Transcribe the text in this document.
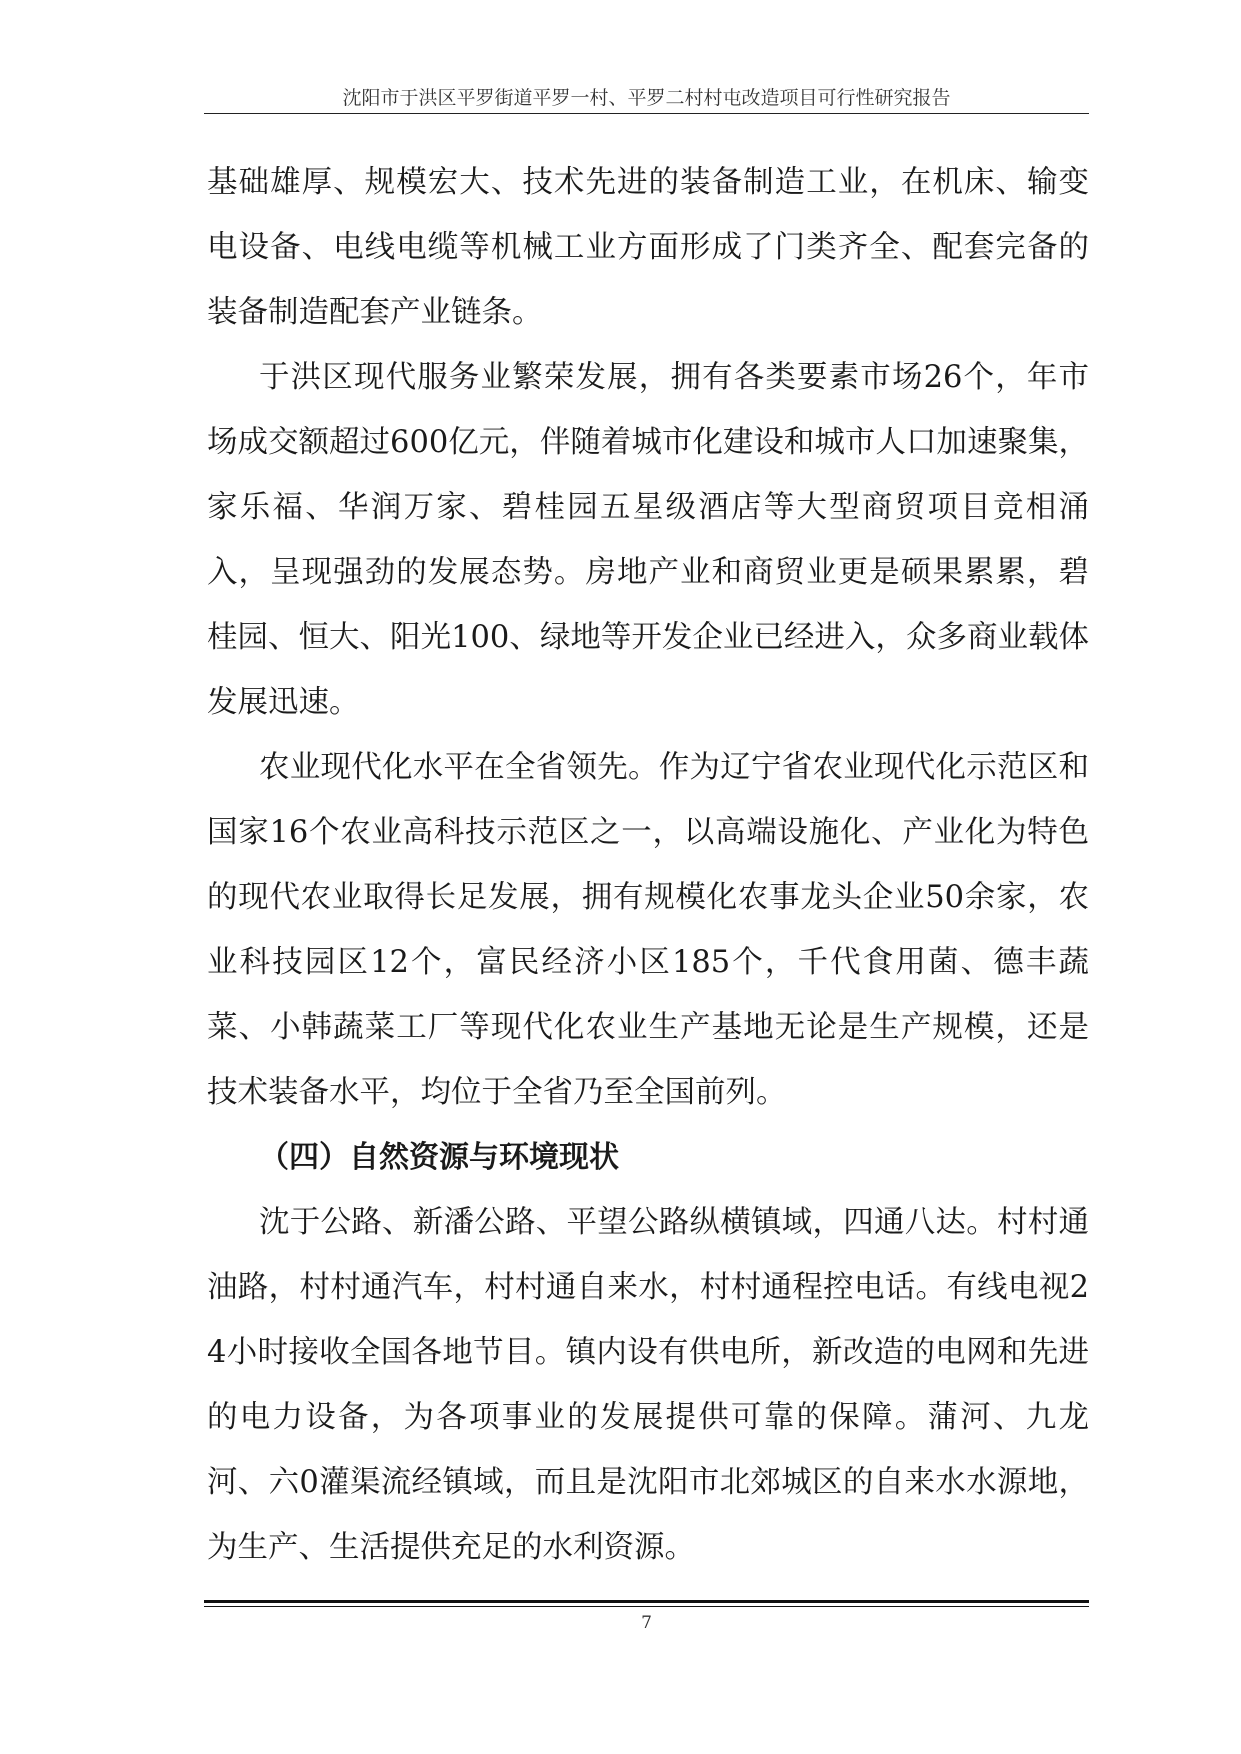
沈阳市于洪区平罗街道平罗一村、平罗二村村屯改造项目可行性研究报告

基础雄厚、规模宏大、技术先进的装备制造工业，在机床、输变电设备、电线电缆等机械工业方面形成了门类齐全、配套完备的装备制造配套产业链条。

于洪区现代服务业繁荣发展，拥有各类要素市场26个，年市场成交额超过600亿元，伴随着城市化建设和城市人口加速聚集，家乐福、华润万家、碧桂园五星级酒店等大型商贸项目竞相涌入，呈现强劲的发展态势。房地产业和商贸业更是硕果累累，碧桂园、恒大、阳光100、绿地等开发企业已经进入，众多商业载体发展迅速。

农业现代化水平在全省领先。作为辽宁省农业现代化示范区和国家16个农业高科技示范区之一，以高端设施化、产业化为特色的现代农业取得长足发展，拥有规模化农事龙头企业50余家，农业科技园区12个，富民经济小区185个，千代食用菌、德丰蔬菜、小韩蔬菜工厂等现代化农业生产基地无论是生产规模，还是技术装备水平，均位于全省乃至全国前列。

（四）自然资源与环境现状

沈于公路、新潘公路、平望公路纵横镇域，四通八达。村村通油路，村村通汽车，村村通自来水，村村通程控电话。有线电视24小时接收全国各地节目。镇内设有供电所，新改造的电网和先进的电力设备，为各项事业的发展提供可靠的保障。蒲河、九龙河、六0灌渠流经镇域，而且是沈阳市北郊城区的自来水水源地，为生产、生活提供充足的水利资源。

7
